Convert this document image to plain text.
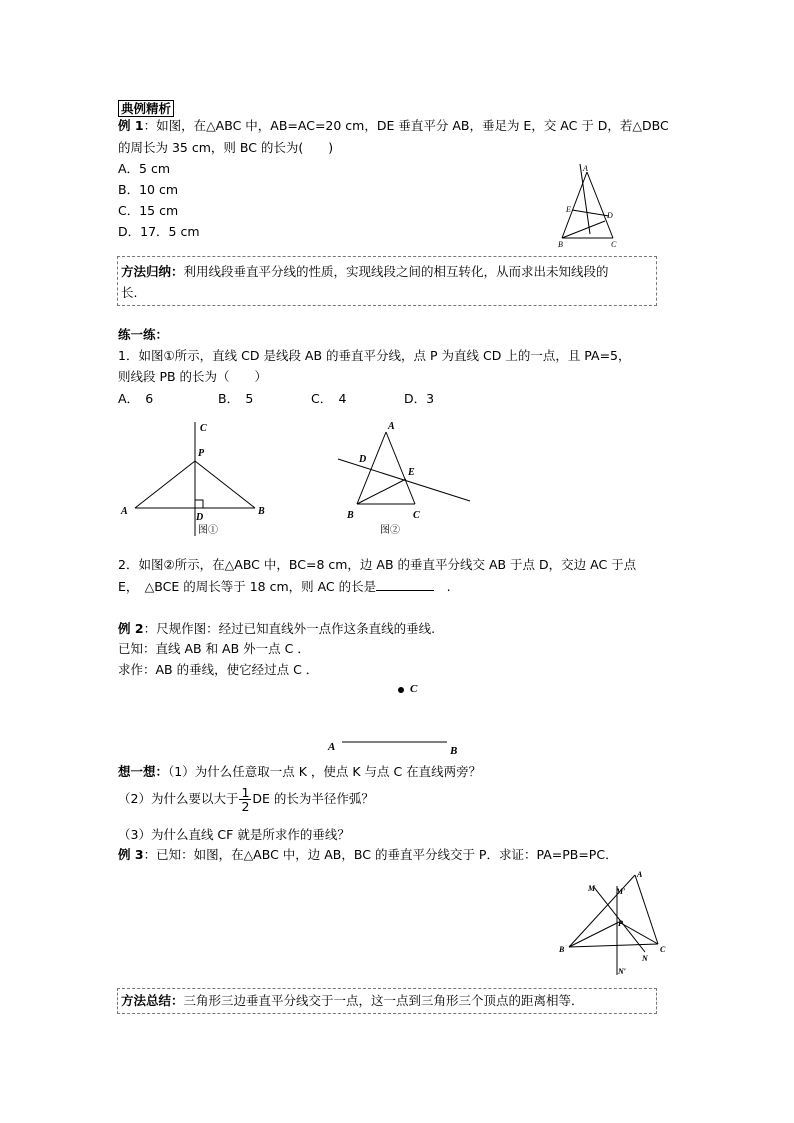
典例精析
例 1：如图，在△ABC 中，AB=AC=20 cm，DE 垂直平分 AB，垂足为 E，交 AC 于 D，若△DBC
的周长为 35 cm，则 BC 的长为(　　)
A．5 cm
B．10 cm
C．15 cm
D．17．5 cm
A
E
D
B	C
方法归纳：利用线段垂直平分线的性质，实现线段之间的相互转化，从而求出未知线段的
长.
练一练：
1．如图①所示，直线 CD 是线段 AB 的垂直平分线，点 P 为直线 CD 上的一点，且 PA=5，
则线段 PB 的长为（　　）
A．　6	B．　5	C．　4	D．3
C
P
A
D
B
图①
A
D
E
B	C
图②
2．如图②所示，在△ABC 中，BC=8 cm，边 AB 的垂直平分线交 AB 于点 D，交边 AC 于点
E，　△BCE 的周长等于 18 cm，则 AC 的长是	　.
例 2：尺规作图：经过已知直线外一点作这条直线的垂线.
已知：直线 AB 和 AB 外一点 C ．
求作：AB 的垂线，使它经过点 C ．
C
A	B
想一想：（1）为什么任意取一点 K ，使点 K 与点 C 在直线两旁？
（2）为什么要以大于 $\frac{1}{2}$ DE 的长为半径作弧？
（3）为什么直线 CF 就是所求作的垂线？
例 3：已知：如图，在△ABC 中，边 AB，BC 的垂直平分线交于 P．求证：PA=PB=PC．
M	M′
A
P
B	C
N
N′
方法总结：三角形三边垂直平分线交于一点，这一点到三角形三个顶点的距离相等．
